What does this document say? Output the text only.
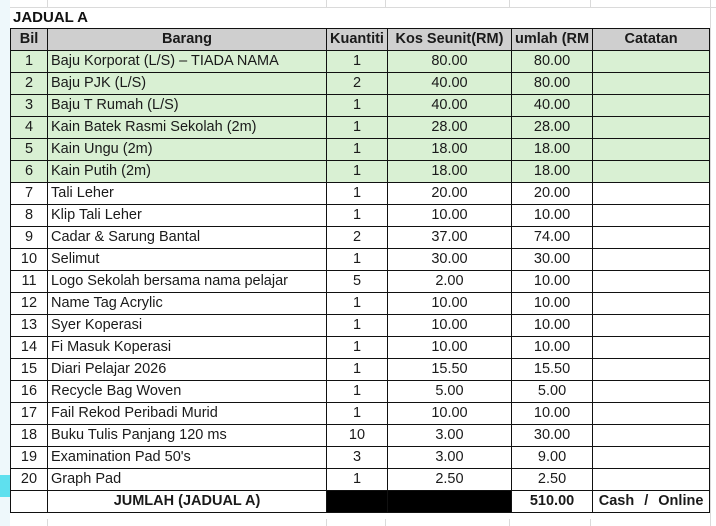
JADUAL A
Bil	Barang	Kuantiti	Kos Seunit(RM)	umlah (RM	Catatan
1	Baju Korporat (L/S) – TIADA NAMA	1	80.00	80.00	
2	Baju PJK (L/S)	2	40.00	80.00	
3	Baju T Rumah (L/S)	1	40.00	40.00	
4	Kain Batek Rasmi Sekolah (2m)	1	28.00	28.00	
5	Kain Ungu (2m)	1	18.00	18.00	
6	Kain Putih (2m)	1	18.00	18.00	
7	Tali Leher	1	20.00	20.00	
8	Klip Tali Leher	1	10.00	10.00	
9	Cadar & Sarung Bantal	2	37.00	74.00	
10	Selimut	1	30.00	30.00	
11	Logo Sekolah bersama nama pelajar	5	2.00	10.00	
12	Name Tag Acrylic	1	10.00	10.00	
13	Syer Koperasi	1	10.00	10.00	
14	Fi Masuk Koperasi	1	10.00	10.00	
15	Diari Pelajar 2026	1	15.50	15.50	
16	Recycle Bag Woven	1	5.00	5.00	
17	Fail Rekod Peribadi Murid	1	10.00	10.00	
18	Buku Tulis Panjang 120 ms	10	3.00	30.00	
19	Examination Pad 50's	3	3.00	9.00	
20	Graph Pad	1	2.50	2.50	
	JUMLAH (JADUAL A)			510.00	Cash / Online
